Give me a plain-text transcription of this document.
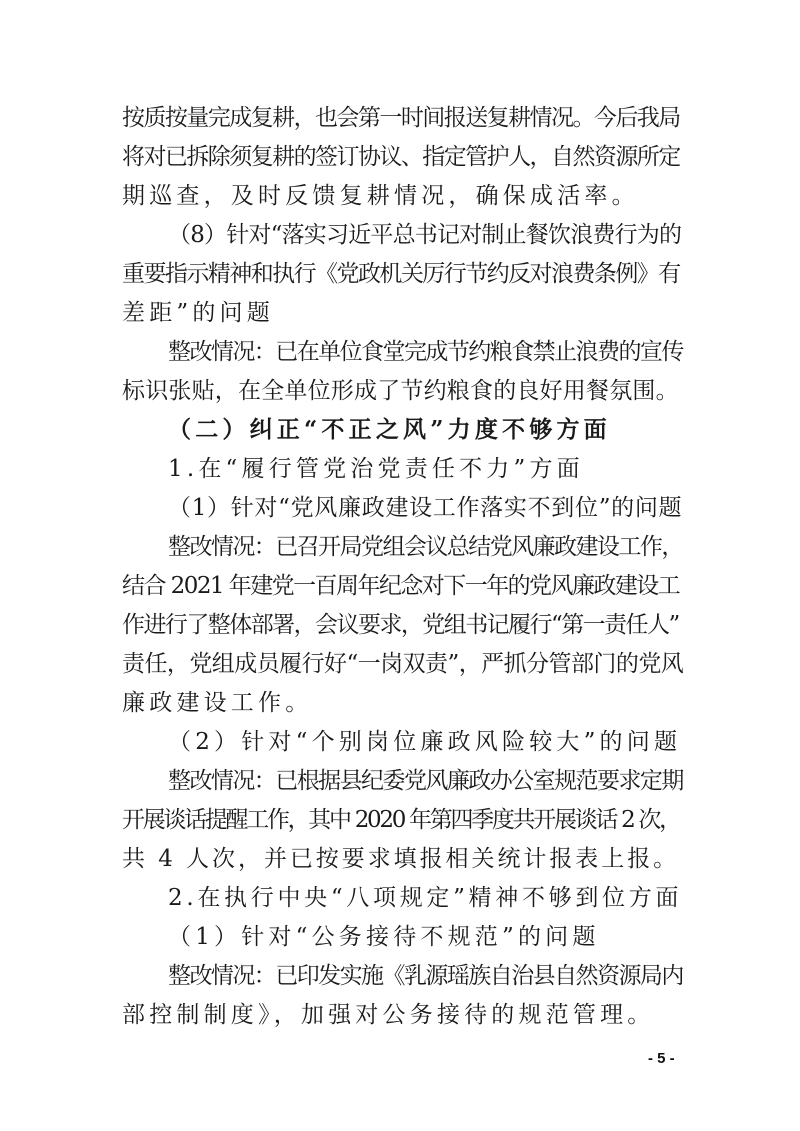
按质按量完成复耕，也会第一时间报送复耕情况。今后我局
将对已拆除须复耕的签订协议、指定管护人，自然资源所定
期巡查，及时反馈复耕情况，确保成活率。
（8）针对“落实习近平总书记对制止餐饮浪费行为的
重要指示精神和执行《党政机关厉行节约反对浪费条例》有
差距”的问题
整改情况：已在单位食堂完成节约粮食禁止浪费的宣传
标识张贴，在全单位形成了节约粮食的良好用餐氛围。
（二）纠正“不正之风”力度不够方面
1.在“履行管党治党责任不力”方面
（1）针对“党风廉政建设工作落实不到位”的问题
整改情况：已召开局党组会议总结党风廉政建设工作，
结合 2021 年建党一百周年纪念对下一年的党风廉政建设工
作进行了整体部署，会议要求，党组书记履行“第一责任人”
责任，党组成员履行好“一岗双责”，严抓分管部门的党风
廉政建设工作。
（2）针对“个别岗位廉政风险较大”的问题
整改情况：已根据县纪委党风廉政办公室规范要求定期
开展谈话提醒工作，其中 2020 年第四季度共开展谈话 2 次，
共 4 人次，并已按要求填报相关统计报表上报。
2.在执行中央“八项规定”精神不够到位方面
（1）针对“公务接待不规范”的问题
整改情况：已印发实施《乳源瑶族自治县自然资源局内
部控制制度》，加强对公务接待的规范管理。
- 5 -
